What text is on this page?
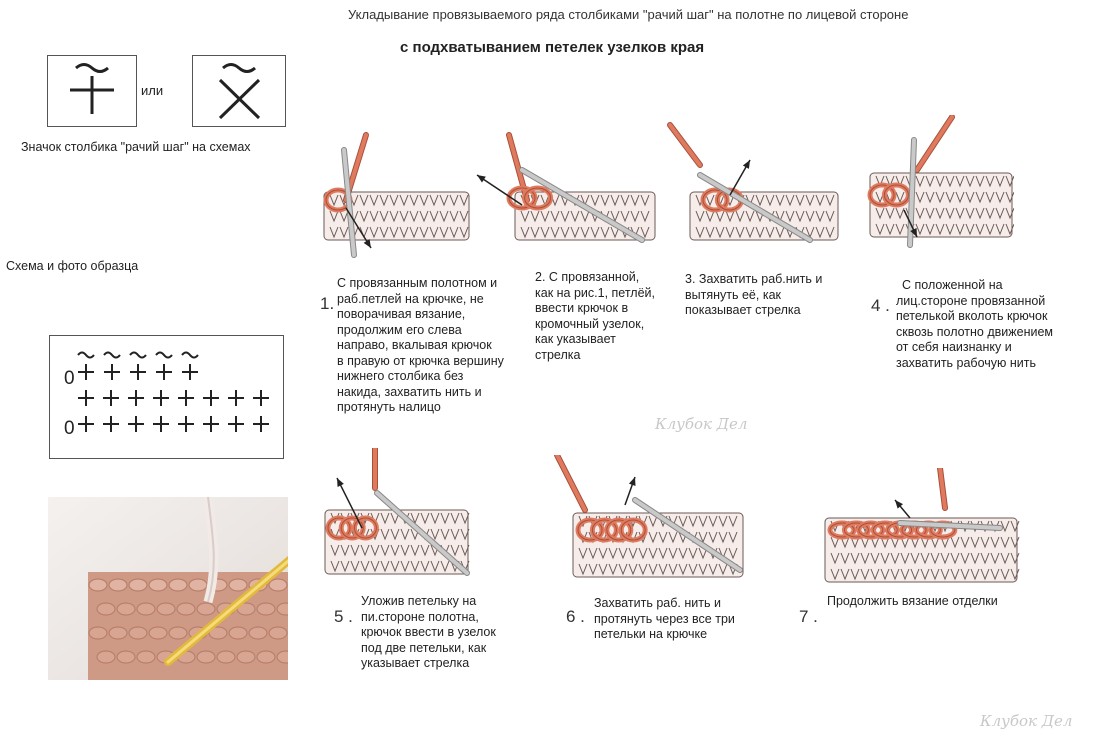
Укладывание провязываемого ряда столбиками "рачий шаг" на полотне по лицевой стороне
с подхватыванием петелек узелков края
или
Значок столбика "рачий шаг" на схемах
Схема и фото образца
0
0
1.
С провязанным полотном и
раб.петлей на крючке, не
поворачивая вязание,
продолжим его слева
направо, вкалывая крючок
в правую от крючка вершину
нижнего столбика без
накида, захватить нить и
протянуть налицо
2. С провязанной,
как на рис.1, петлёй,
ввести крючок в
кромочный узелок,
как указывает
стрелка
3. Захватить раб.нить и
вытянуть её, как
показывает стрелка	4 .
С положенной на
лиц.стороне провязанной
петелькой вколоть крючок
сквозь полотно движением
от себя наизнанку и
захватить рабочую нить
5 .
Уложив петельку на
пи.стороне полотна,
крючок ввести в узелок
под две петельки, как
указывает стрелка
6 .
Захватить раб. нить и
протянуть через все три
петельки на крючке
7 .
Продолжить вязание отделки
Клубок Дел
Клубок Дел
